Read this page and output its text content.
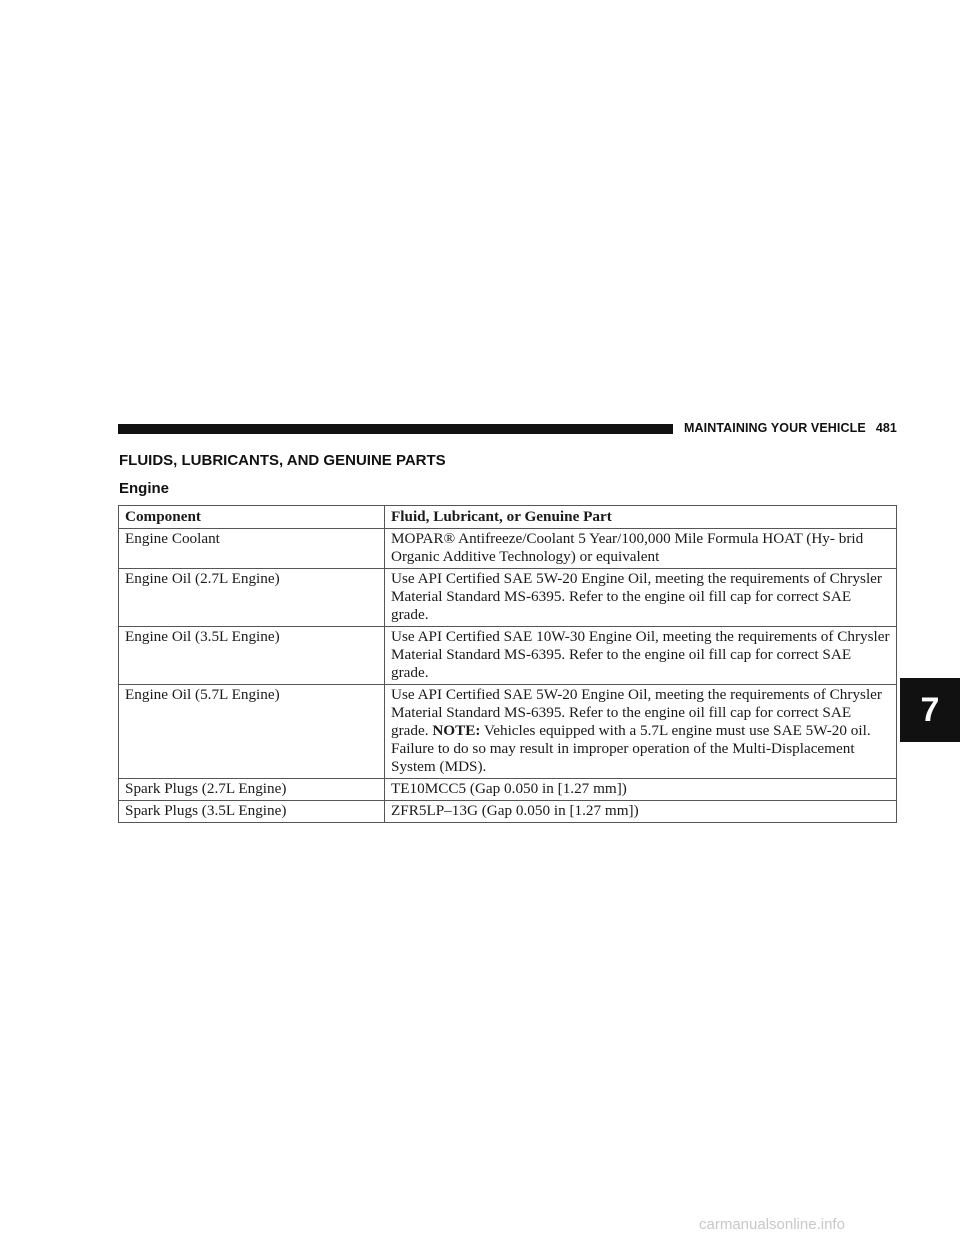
MAINTAINING YOUR VEHICLE 481
FLUIDS, LUBRICANTS, AND GENUINE PARTS
Engine
Component	Fluid, Lubricant, or Genuine Part
Engine Coolant	MOPAR® Antifreeze/Coolant 5 Year/100,000 Mile Formula HOAT (Hy- brid Organic Additive Technology) or equivalent
Engine Oil (2.7L Engine)	Use API Certified SAE 5W-20 Engine Oil, meeting the requirements of Chrysler Material Standard MS-6395. Refer to the engine oil fill cap for correct SAE grade.
Engine Oil (3.5L Engine)	Use API Certified SAE 10W-30 Engine Oil, meeting the requirements of Chrysler Material Standard MS-6395. Refer to the engine oil fill cap for correct SAE grade.
Engine Oil (5.7L Engine)	Use API Certified SAE 5W-20 Engine Oil, meeting the requirements of Chrysler Material Standard MS-6395. Refer to the engine oil fill cap for correct SAE grade. NOTE: Vehicles equipped with a 5.7L engine must use SAE 5W-20 oil. Failure to do so may result in improper operation of the Multi-Displacement System (MDS).
Spark Plugs (2.7L Engine)	TE10MCC5 (Gap 0.050 in [1.27 mm])
Spark Plugs (3.5L Engine)	ZFR5LP–13G (Gap 0.050 in [1.27 mm])
7
carmanualsonline.info
